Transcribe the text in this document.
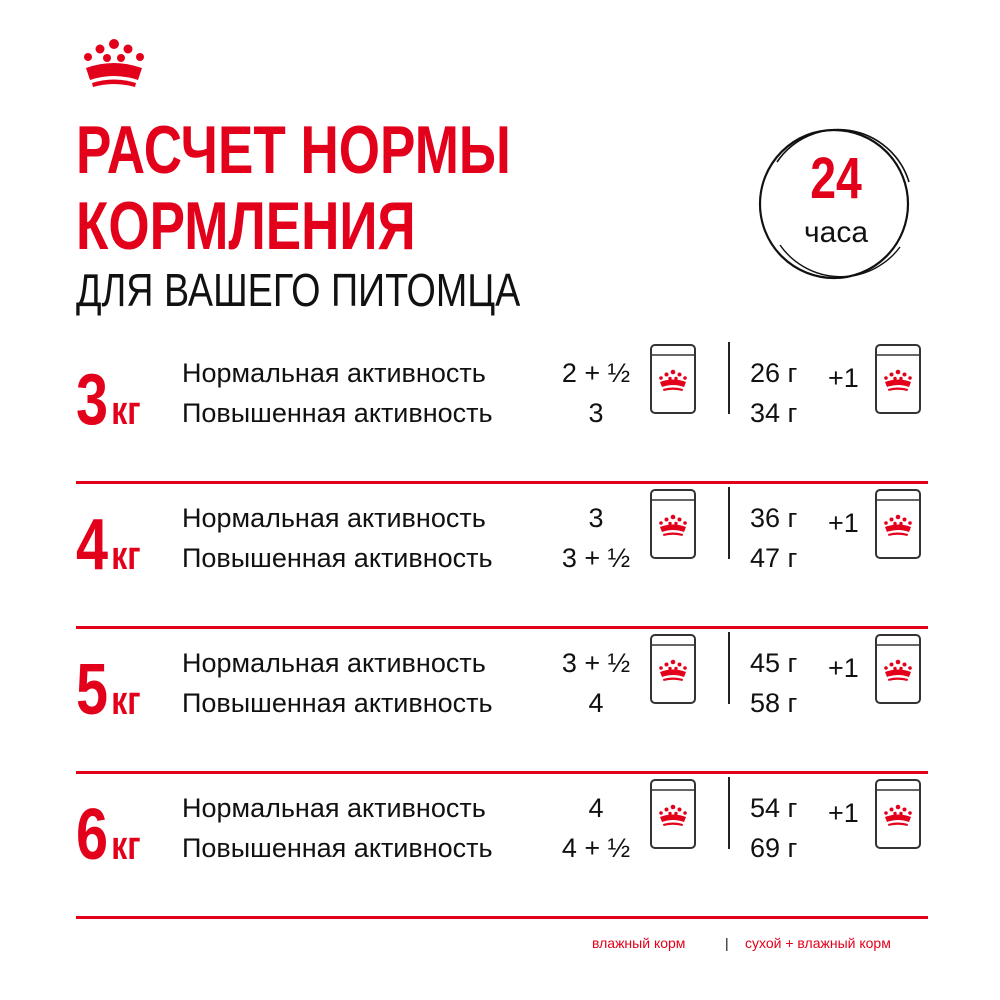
РАСЧЕТ НОРМЫ
КОРМЛЕНИЯ
ДЛЯ ВАШЕГО ПИТОМЦА
24
часа
3кг
Нормальная активность
Повышенная активность
2 + ½
3
26 г
34 г
+1
4кг
Нормальная активность
Повышенная активность
3
3 + ½
36 г
47 г
+1
5кг
Нормальная активность
Повышенная активность
3 + ½
4
45 г
58 г
+1
6кг
Нормальная активность
Повышенная активность
4
4 + ½
54 г
69 г
+1
влажный корм	| сухой + влажный корм
